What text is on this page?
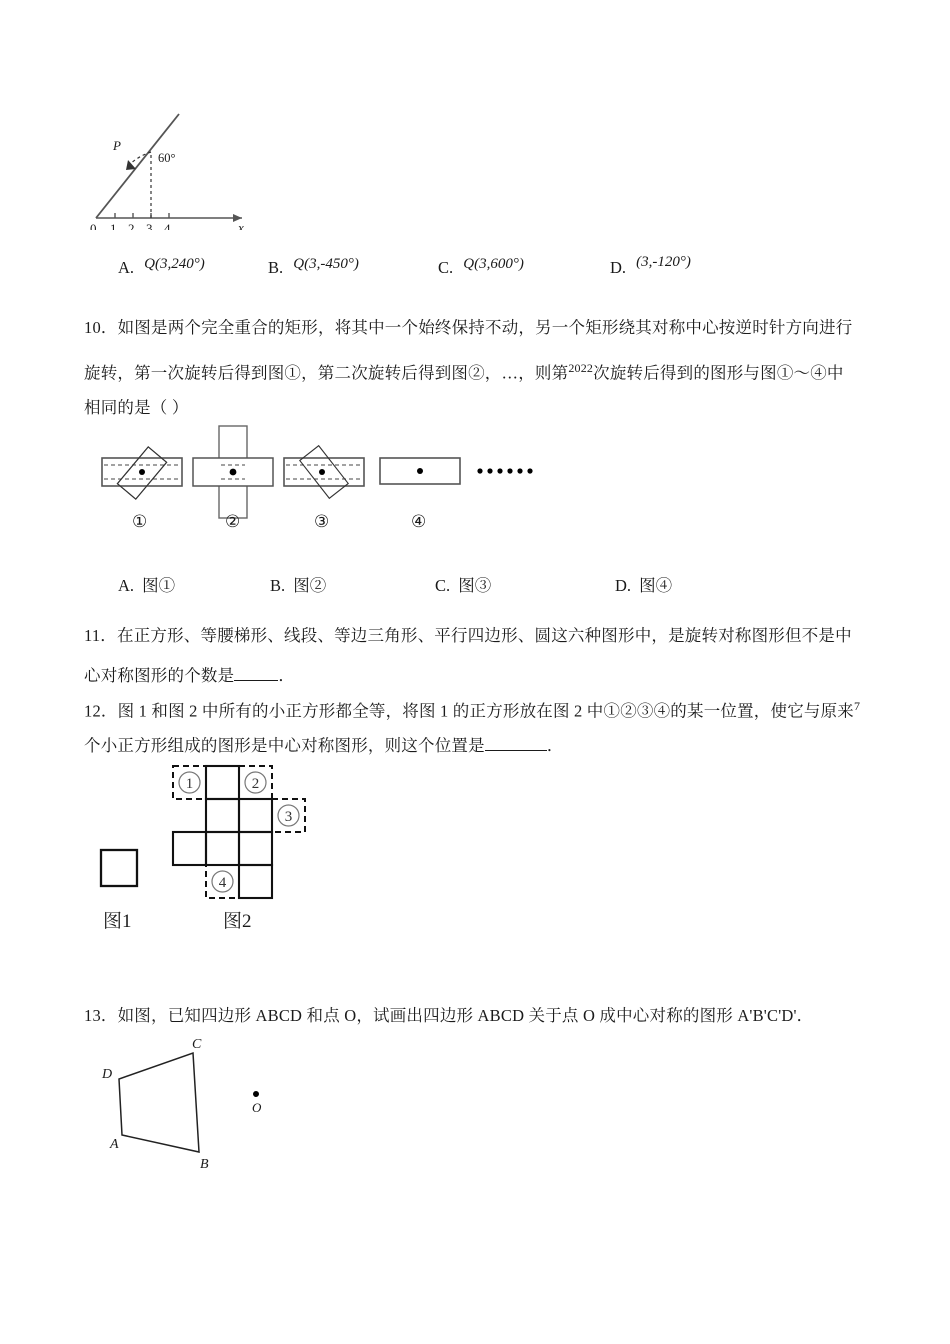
P
60°
0 1 2 3 4	x
A. Q(3,240°)	B. Q(3,-450°)	C. Q(3,600°)	D. (3,-120°)
10．如图是两个完全重合的矩形，将其中一个始终保持不动，另一个矩形绕其对称中心按逆时针方向进行
旋转，第一次旋转后得到图①，第二次旋转后得到图②，…，则第$^{2022}$次旋转后得到的图形与图①～④中
相同的是（ ）
①	②	③	④
A. 图①	B. 图②	C. 图③	D. 图④
11．在正方形、等腰梯形、线段、等边三角形、平行四边形、圆这六种图形中，是旋转对称图形但不是中
心对称图形的个数是	．
12．图 1 和图 2 中所有的小正方形都全等，将图 1 的正方形放在图 2 中①②③④的某一位置，使它与原来$^7$
个小正方形组成的图形是中心对称图形，则这个位置是	．
1	2
3
4
图1	图2
13．如图，已知四边形 ABCD 和点 O，试画出四边形 ABCD 关于点 O 成中心对称的图形 A'B'C'D'．
A
B
C
D
O
